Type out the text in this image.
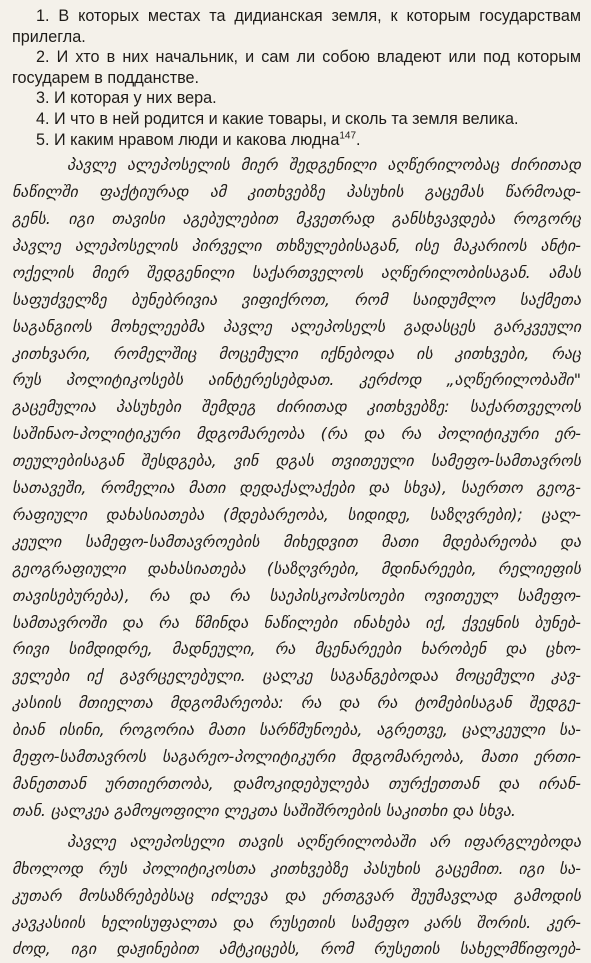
1. В которых местах та дидианская земля, к которым государствам прилегла.

2. И хто в них начальник, и сам ли собою владеют или под которым государем в подданстве.

3. И которая у них вера.

4. И что в ней родится и какие товары, и сколь та земля велика.

5. И каким нравом люди и какова людна$^{147}$.

პავლე ალეპოსელის მიერ შედგენილი აღწერილობაც ძირითად

ნაწილში ფაქტიურად ამ კითხვებზე პასუხის გაცემას წარმოად-

გენს. იგი თავისი აგებულებით მკვეთრად განსხვავდება როგორც

პავლე ალეპოსელის პირველი თხზულებისაგან, ისე მაკარიოს ანტი-

ოქელის მიერ შედგენილი საქართველოს აღწერილობისაგან. ამას

საფუძველზე ბუნებრივია ვიფიქროთ, რომ საიდუმლო საქმეთა

საგანგიოს მოხელეებმა პავლე ალეპოსელს გადასცეს გარკვეული

კითხვარი, რომელშიც მოცემული იქნებოდა ის კითხვები, რაც

რუს პოლიტიკოსებს აინტერესებდათ. კერძოდ „აღწერილობაში"

გაცემულია პასუხები შემდეგ ძირითად კითხვებზე: საქართველოს

საშინაო-პოლიტიკური მდგომარეობა (რა და რა პოლიტიკური ერ-

თეულებისაგან შესდგება, ვინ დგას თვითეული სამეფო-სამთავროს

სათავეში, რომელია მათი დედაქალაქები და სხვა), საერთო გეოგ-

რაფიული დახასიათება (მდებარეობა, სიდიდე, საზღვრები); ცალ-

კეული სამეფო-სამთავროების მიხედვით მათი მდებარეობა და

გეოგრაფიული დახასიათება (საზღვრები, მდინარეები, რელიეფის

თავისებურება), რა და რა საეპისკოპოსოები ოვითეულ სამეფო-

სამთავროში და რა წმინდა ნაწილები ინახება იქ, ქვეყნის ბუნებ-

რივი სიმდიდრე, მადნეული, რა მცენარეები ხარობენ და ცხო-

ველები იქ გავრცელებული. ცალკე საგანგებოდაა მოცემული კავ-

კასიის მთიელთა მდგომარეობა: რა და რა ტომებისაგან შედგე-

ბიან ისინი, როგორია მათი სარწმუნოება, აგრეთვე, ცალკეული სა-

მეფო-სამთავროს საგარეო-პოლიტიკური მდგომარეობა, მათი ერთი-

მანეთთან ურთიერთობა, დამოკიდებულება თურქეთთან და ირან-

თან. ცალკეა გამოყოფილი ლეკთა საშიშროების საკითხი და სხვა.

პავლე ალეპოსელი თავის აღწერილობაში არ იფარგლებოდა

მხოლოდ რუს პოლიტიკოსთა კითხვებზე პასუხის გაცემით. იგი სა-

კუთარ მოსაზრებებსაც იძლევა და ერთგვარ შეუმავლად გამოდის

კავკასიის ხელისუფალთა და რუსეთის სამეფო კარს შორის. კერ-

ძოდ, იგი დაჟინებით ამტკიცებს, რომ რუსეთის სახელმწიფოებ-
